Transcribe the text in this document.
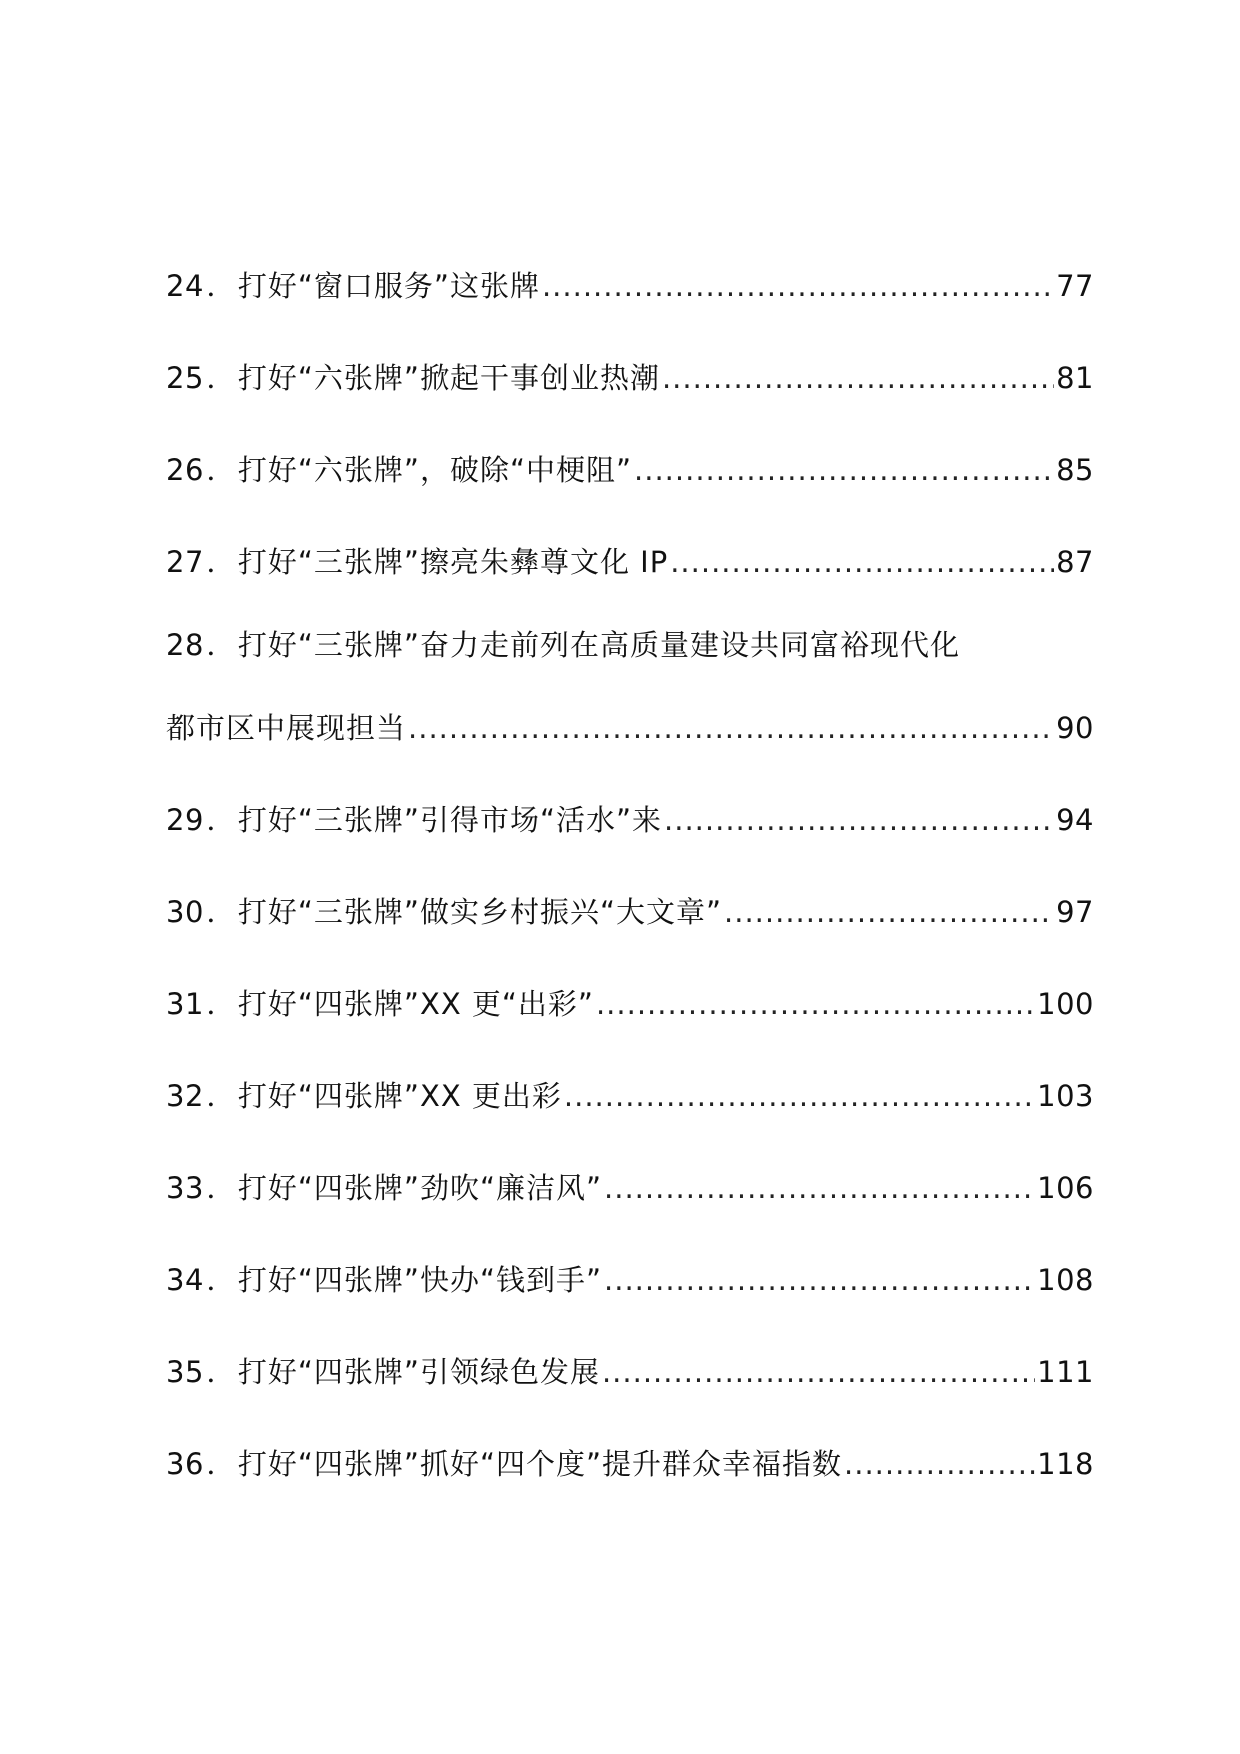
24 ． 打好“窗口服务”这张牌 .....	77
25 ． 打好“六张牌”掀起干事创业热潮 .....	81
26 ． 打好“六张牌”，破除“中梗阻” .....	85
27 ． 打好“三张牌”擦亮朱彝尊文化 IP .....	87
28 ． 打好“三张牌”奋力走前列在高质量建设共同富裕现代化
都市区中展现担当 .....	90
29 ． 打好“三张牌”引得市场“活水”来 .....	94
30 ． 打好“三张牌”做实乡村振兴“大文章” .....	97
31 ． 打好“四张牌”XX 更“出彩” .....	100
32 ． 打好“四张牌”XX 更出彩 .....	103
33 ． 打好“四张牌”劲吹“廉洁风” .....	106
34 ． 打好“四张牌”快办“钱到手” .....	108
35 ． 打好“四张牌”引领绿色发展 .....	111
36 ． 打好“四张牌”抓好“四个度”提升群众幸福指数 .....	118
